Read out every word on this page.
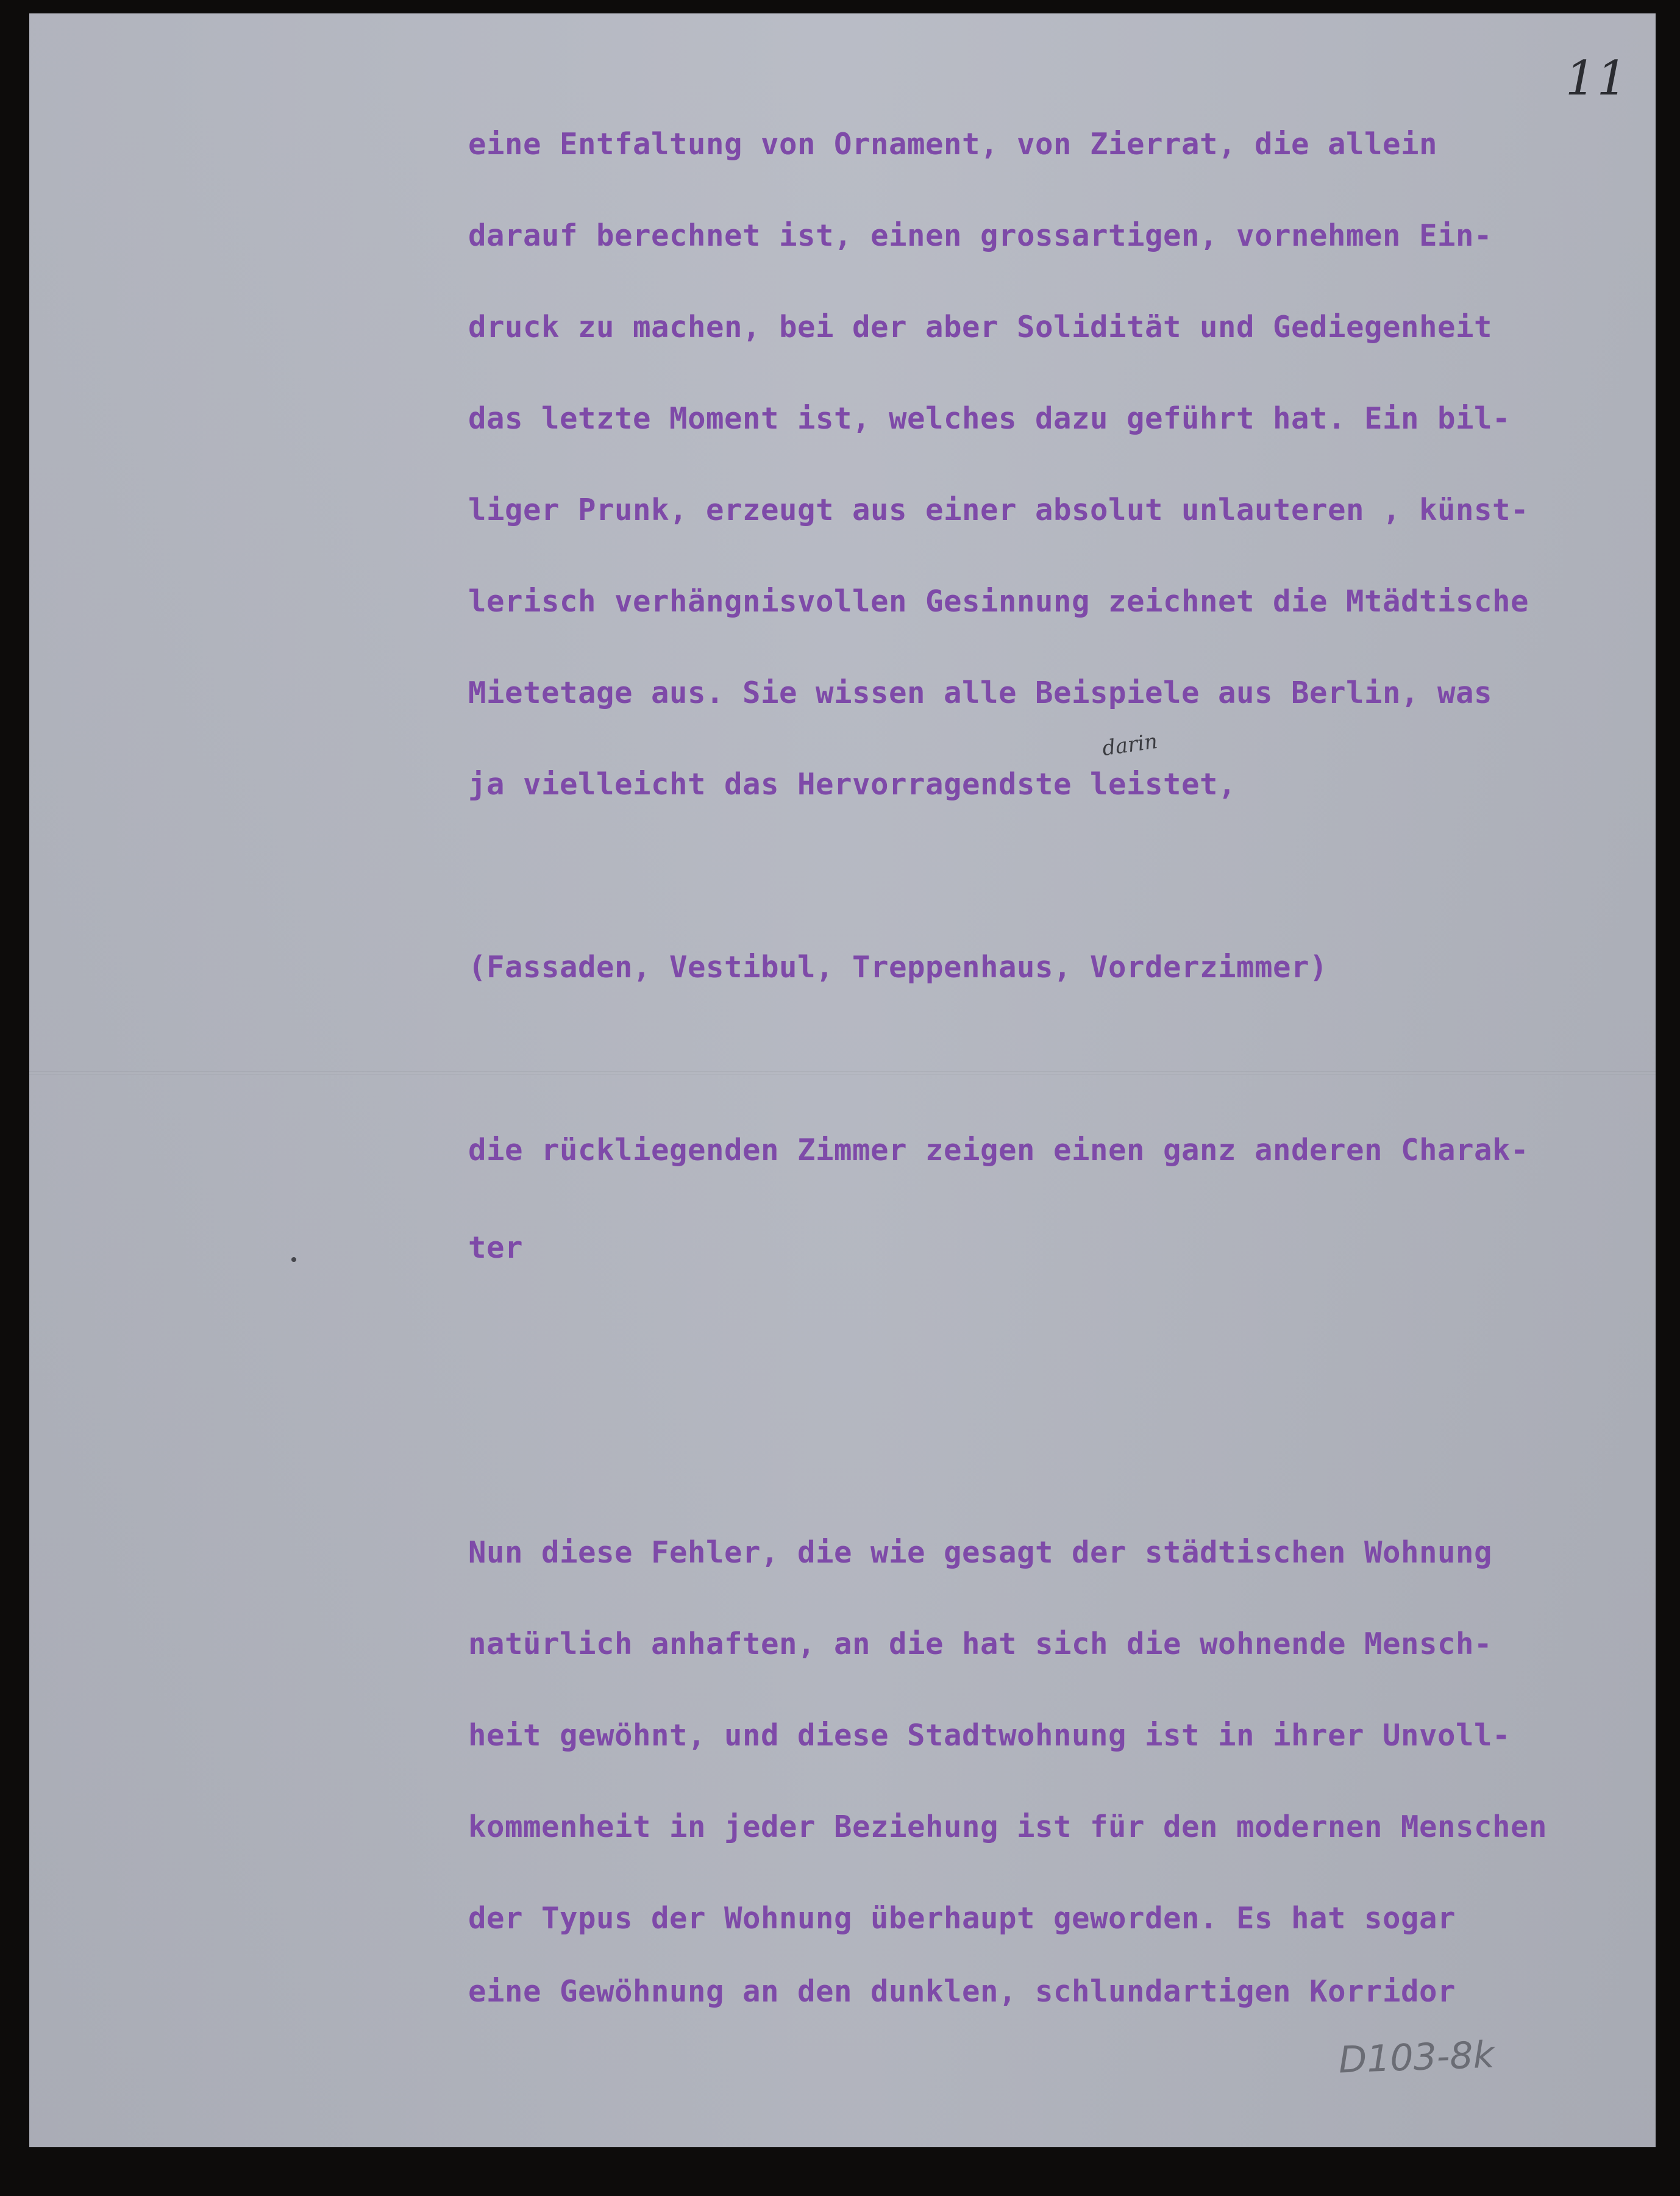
11
eine Entfaltung von Ornament, von Zierrat, die allein
darauf berechnet ist, einen grossartigen, vornehmen Ein-
druck zu machen, bei der aber Solidität und Gediegenheit
das letzte Moment ist, welches dazu geführt hat. Ein bil-
liger Prunk, erzeugt aus einer absolut unlauteren , künst-
lerisch verhängnisvollen Gesinnung zeichnet die Mtädtische
Mietetage aus. Sie wissen alle Beispiele aus Berlin, was
darin
ja vielleicht das Hervorragendste leistet,
(Fassaden, Vestibul, Treppenhaus, Vorderzimmer)
die rückliegenden Zimmer zeigen einen ganz anderen Charak-
ter
Nun diese Fehler, die wie gesagt der städtischen Wohnung
natürlich anhaften, an die hat sich die wohnende Mensch-
heit gewöhnt, und diese Stadtwohnung ist in ihrer Unvoll-
kommenheit in jeder Beziehung ist für den modernen Menschen
der Typus der Wohnung überhaupt geworden. Es hat sogar
eine Gewöhnung an den dunklen, schlundartigen Korridor
D103-8k
